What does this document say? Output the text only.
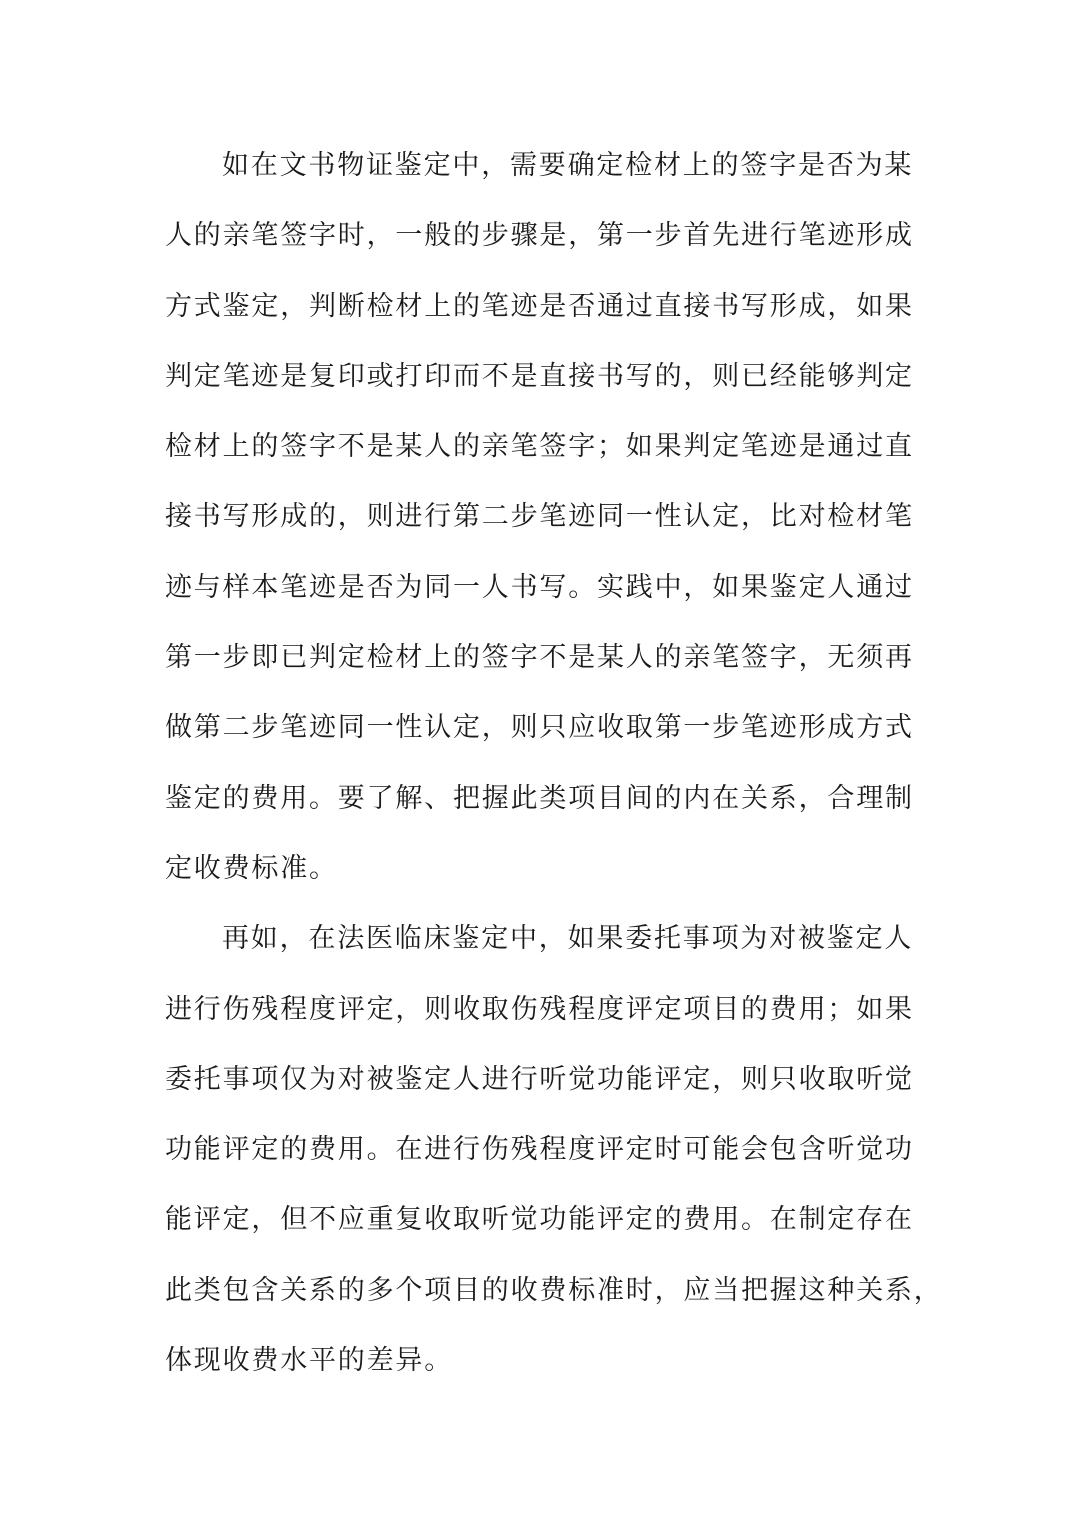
如在文书物证鉴定中，需要确定检材上的签字是否为某
人的亲笔签字时，一般的步骤是，第一步首先进行笔迹形成
方式鉴定，判断检材上的笔迹是否通过直接书写形成，如果
判定笔迹是复印或打印而不是直接书写的，则已经能够判定
检材上的签字不是某人的亲笔签字；如果判定笔迹是通过直
接书写形成的，则进行第二步笔迹同一性认定，比对检材笔
迹与样本笔迹是否为同一人书写。实践中，如果鉴定人通过
第一步即已判定检材上的签字不是某人的亲笔签字，无须再
做第二步笔迹同一性认定，则只应收取第一步笔迹形成方式
鉴定的费用。要了解、把握此类项目间的内在关系，合理制
定收费标准。
再如，在法医临床鉴定中，如果委托事项为对被鉴定人
进行伤残程度评定，则收取伤残程度评定项目的费用；如果
委托事项仅为对被鉴定人进行听觉功能评定，则只收取听觉
功能评定的费用。在进行伤残程度评定时可能会包含听觉功
能评定，但不应重复收取听觉功能评定的费用。在制定存在
此类包含关系的多个项目的收费标准时，应当把握这种关系，
体现收费水平的差异。
